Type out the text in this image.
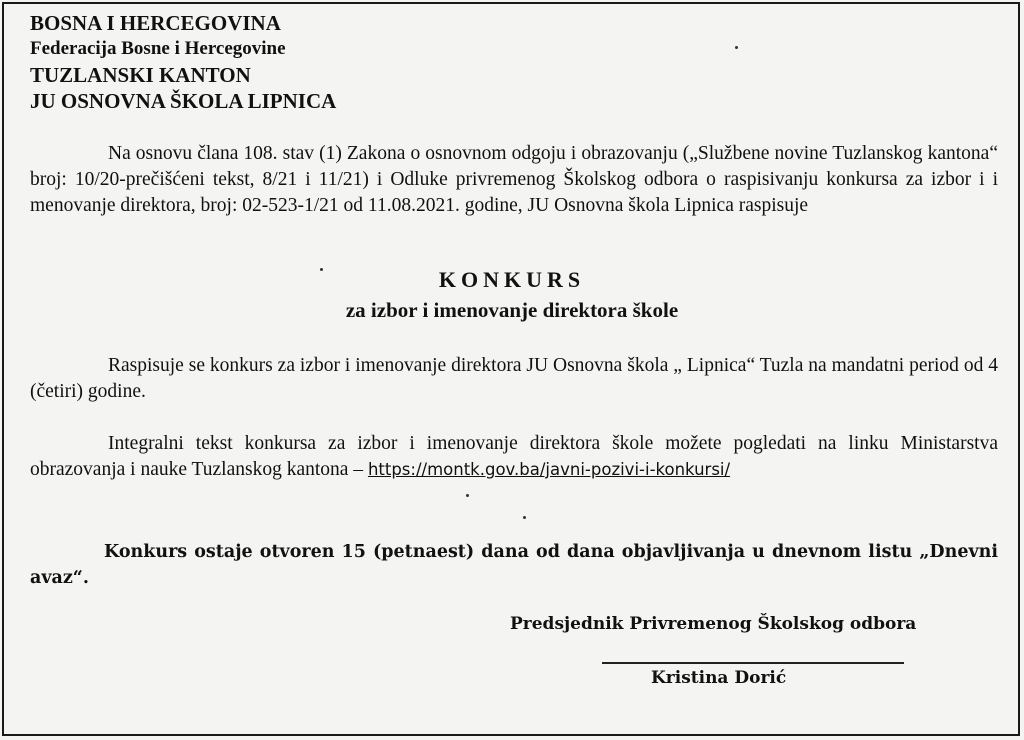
BOSNA I HERCEGOVINA
Federacija Bosne i Hercegovine
TUZLANSKI KANTON
JU OSNOVNA ŠKOLA LIPNICA
Na osnovu člana 108. stav (1) Zakona o osnovnom odgoju i obrazovanju („Službene novine Tuzlanskog kantona“ broj: 10/20-prečišćeni tekst, 8/21 i 11/21) i Odluke privremenog Školskog odbora o raspisivanju konkursa za izbor i i menovanje direktora, broj: 02-523-1/21 od 11.08.2021. godine, JU Osnovna škola Lipnica raspisuje
KONKURS
za izbor i imenovanje direktora škole
Raspisuje se konkurs za izbor i imenovanje direktora JU Osnovna škola „ Lipnica“ Tuzla na mandatni period od 4 (četiri) godine.
Integralni tekst konkursa za izbor i imenovanje direktora škole možete pogledati na linku Ministarstva obrazovanja i nauke Tuzlanskog kantona – https://montk.gov.ba/javni-pozivi-i-konkursi/
Konkurs ostaje otvoren 15 (petnaest) dana od dana objavljivanja u dnevnom listu „Dnevni avaz“.
Predsjednik Privremenog Školskog odbora
Kristina Dorić
